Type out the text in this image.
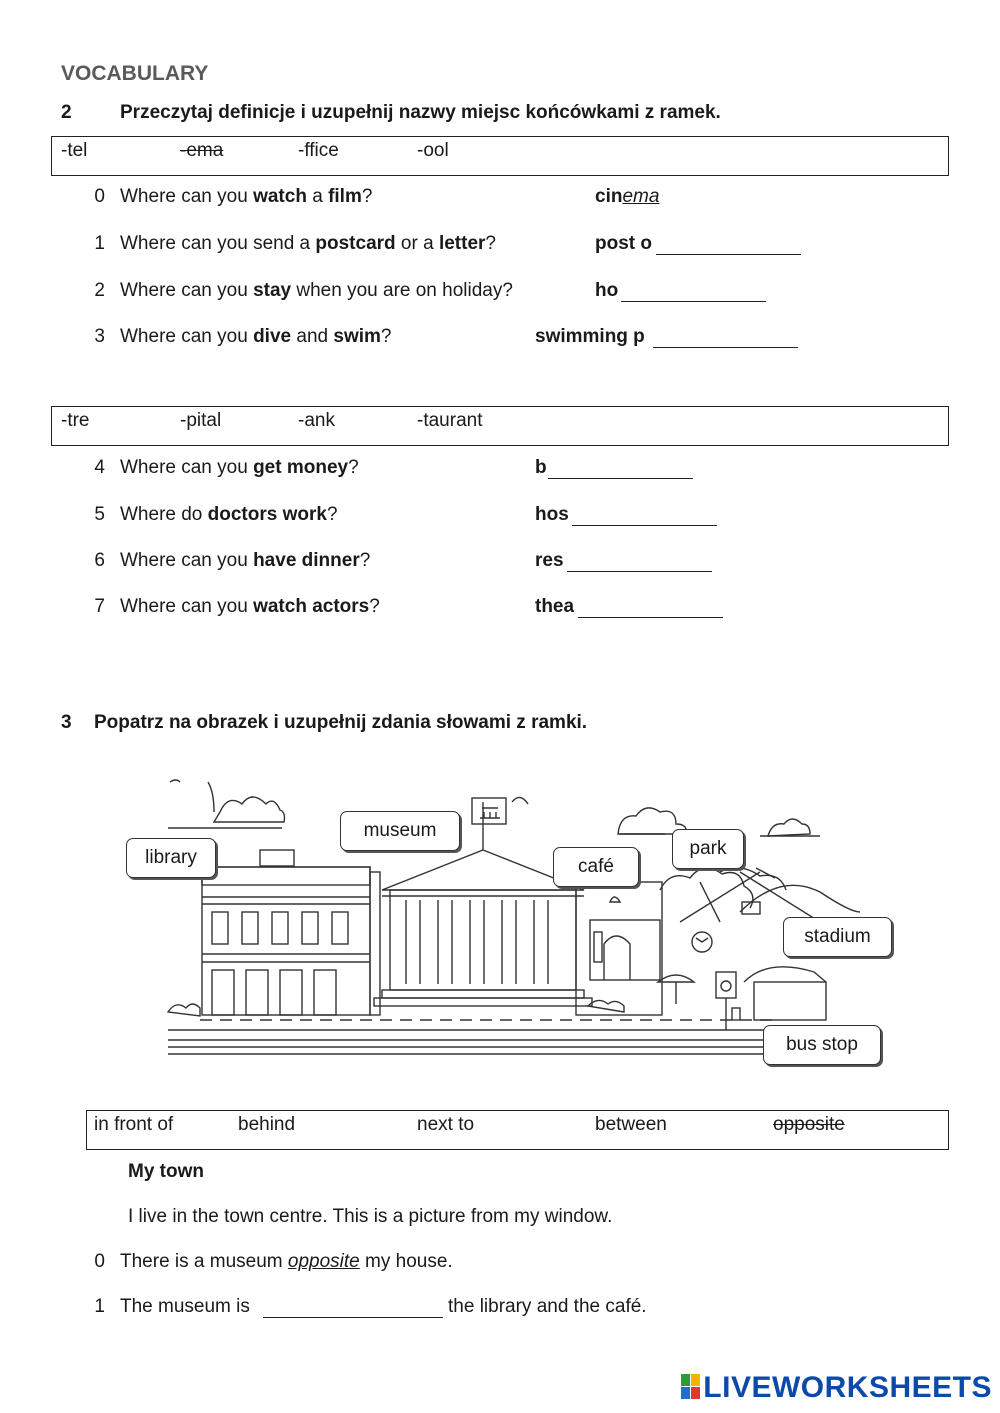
VOCABULARY
2	Przeczytaj definicje i uzupełnij nazwy miejsc końcówkami z ramek.
-tel	-ema	-ffice	-ool
0 Where can you watch a film?	cinema
1 Where can you send a postcard or a letter?	post o
2 Where can you stay when you are on holiday?	ho
3 Where can you dive and swim?	swimming p
-tre	-pital	-ank	-taurant
4 Where can you get money?	b
5 Where do doctors work?	hos
6 Where can you have dinner?	res
7 Where can you watch actors?	thea
3 Popatrz na obrazek i uzupełnij zdania słowami z ramki.
library
museum
café
park
stadium
bus stop
in front of	behind	next to	between	opposite
My town
I live in the town centre. This is a picture from my window.
0 There is a museum opposite my house.
1 The museum is	the library and the café.
LIVEWORKSHEETS
